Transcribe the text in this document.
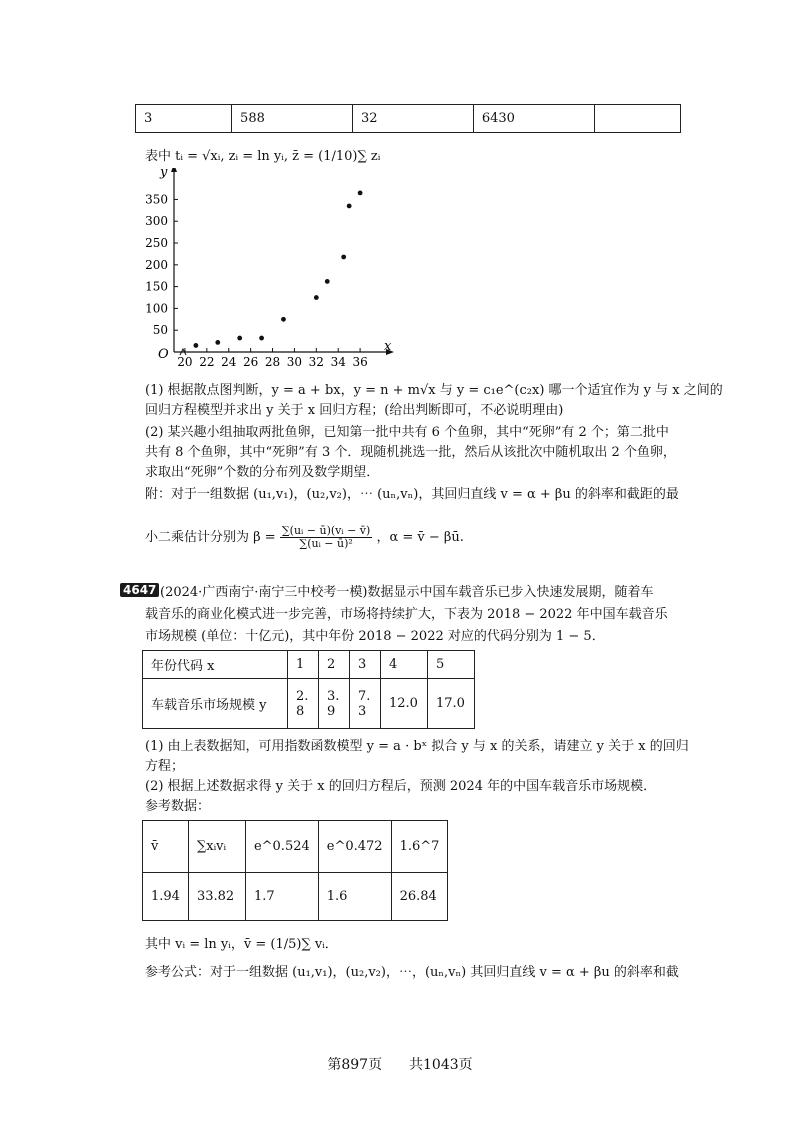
3	588	32	6430	
表中 tᵢ = √xᵢ, zᵢ = ln yᵢ, z̄ = (1/10)∑ zᵢ
x
y
O 20 22 24 26 28 30 32 34 36
50
100
150
200
250
300
350
(1) 根据散点图判断，y = a + bx，y = n + m√x 与 y = c₁e^(c₂x) 哪一个适宜作为 y 与 x 之间的
回归方程模型并求出 y 关于 x 回归方程；(给出判断即可，不必说明理由)
(2) 某兴趣小组抽取两批鱼卵，已知第一批中共有 6 个鱼卵，其中“死卵”有 2 个；第二批中
共有 8 个鱼卵，其中“死卵”有 3 个．现随机挑选一批，然后从该批次中随机取出 2 个鱼卵，
求取出“死卵”个数的分布列及数学期望．
附：对于一组数据 (u₁,v₁)，(u₂,v₂)，⋯ (uₙ,vₙ)，其回归直线 v = α + βu 的斜率和截距的最
小二乘估计分别为 $\beta = \frac{\text{∑(uᵢ − ū)(vᵢ − v̄)}}{\text{∑(uᵢ − ū)²}}$ ，α = v̄ − βū.
4647 (2024·广西南宁·南宁三中校考一模)数据显示中国车载音乐已步入快速发展期，随着车
载音乐的商业化模式进一步完善，市场将持续扩大，下表为 2018 − 2022 年中国车载音乐
市场规模 (单位：十亿元)，其中年份 2018 − 2022 对应的代码分别为 1 − 5．
年份代码 x	1	2	3	4	5
车载音乐市场规模 y	2.8	3.9	7.3	12.0	17.0
(1) 由上表数据知，可用指数函数模型 y = a · bˣ 拟合 y 与 x 的关系，请建立 y 关于 x 的回归
方程；
(2) 根据上述数据求得 y 关于 x 的回归方程后，预测 2024 年的中国车载音乐市场规模．
参考数据：
v̄	∑xᵢvᵢ	e^0.524	e^0.472	1.6^7
1.94	33.82	1.7	1.6	26.84
其中 vᵢ = ln yᵢ，v̄ = (1/5)∑ vᵢ．
参考公式：对于一组数据 (u₁,v₁)，(u₂,v₂)，⋯，(uₙ,vₙ) 其回归直线 v = α + βu 的斜率和截
第897页 共1043页
